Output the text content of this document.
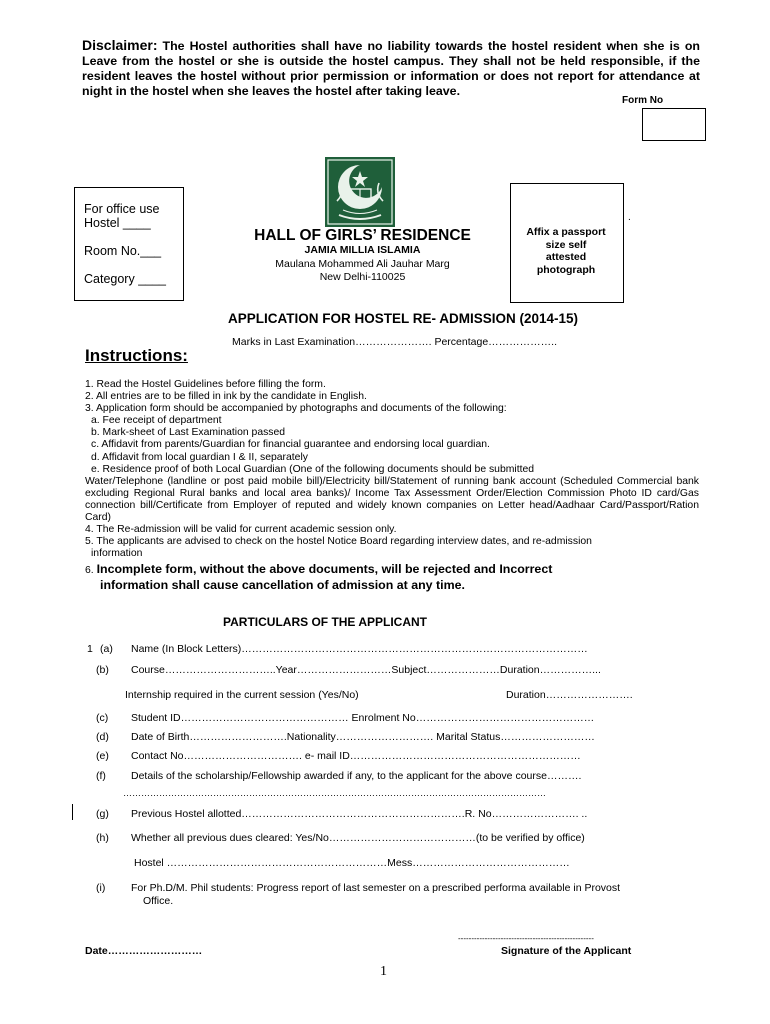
Disclaimer: The Hostel authorities shall have no liability towards the hostel resident when she is on Leave from the hostel or she is outside the hostel campus. They shall not be held responsible, if the resident leaves the hostel without prior permission or information or does not report for attendance at night in the hostel when she leaves the hostel after taking leave.
Form No
For office use
Hostel ____
Room No.___
Category ____
HALL OF GIRLS’ RESIDENCE
JAMIA MILLIA ISLAMIA
Maulana Mohammed Ali Jauhar Marg
New Delhi-110025
Affix a passport
size self
attested
photograph
.
APPLICATION FOR HOSTEL RE- ADMISSION (2014-15)
Marks in Last Examination…………………. Percentage………………..
Instructions:
1. Read the Hostel Guidelines before filling the form.
2. All entries are to be filled in ink by the candidate in English.
3. Application form should be accompanied by photographs and documents of the following:
a. Fee receipt of department
b. Mark-sheet of Last Examination passed
c. Affidavit from parents/Guardian for financial guarantee and endorsing local guardian.
d. Affidavit from local guardian I & II, separately
e. Residence proof of both Local Guardian (One of the following documents should be submitted
Water/Telephone (landline or post paid mobile bill)/Electricity bill/Statement of running bank account (Scheduled Commercial bank excluding Regional Rural banks and local area banks)/ Income Tax Assessment Order/Election Commission Photo ID card/Gas connection bill/Certificate from Employer of reputed and widely known companies on Letter head/Aadhaar Card/Passport/Ration Card)
4. The Re-admission will be valid for current academic session only.
5. The applicants are advised to check on the hostel Notice Board regarding interview dates, and re-admission
information
6. Incomplete form, without the above documents, will be rejected and Incorrect
information shall cause cancellation of admission at any time.
PARTICULARS OF THE APPLICANT
1 (a) Name (In Block Letters)………………………………………………………………………………………
(b) Course…………………………..Year………………………Subject…………………Duration……………...
Internship required in the current session (Yes/No)	Duration…………………….
(c) Student ID………………………………………… Enrolment No……………………………………………
(d) Date of Birth……………………….Nationality………………………. Marital Status………………………
(e) Contact No……………………………. e- mail ID…………………………………………………………
(f) Details of the scholarship/Fellowship awarded if any, to the applicant for the above course……….
……………………………………………………………………………………………………………………………
(g) Previous Hostel allotted……………………………………………………….R. No……………………. ..
(h) Whether all previous dues cleared: Yes/No……………………………………(to be verified by office)
Hostel ………………………………………………………Mess………………………………………
(i) For Ph.D/M. Phil students: Progress report of last semester on a prescribed performa available in Provost
Office.
---------------------------------------------------
Date………………………	Signature of the Applicant
1
